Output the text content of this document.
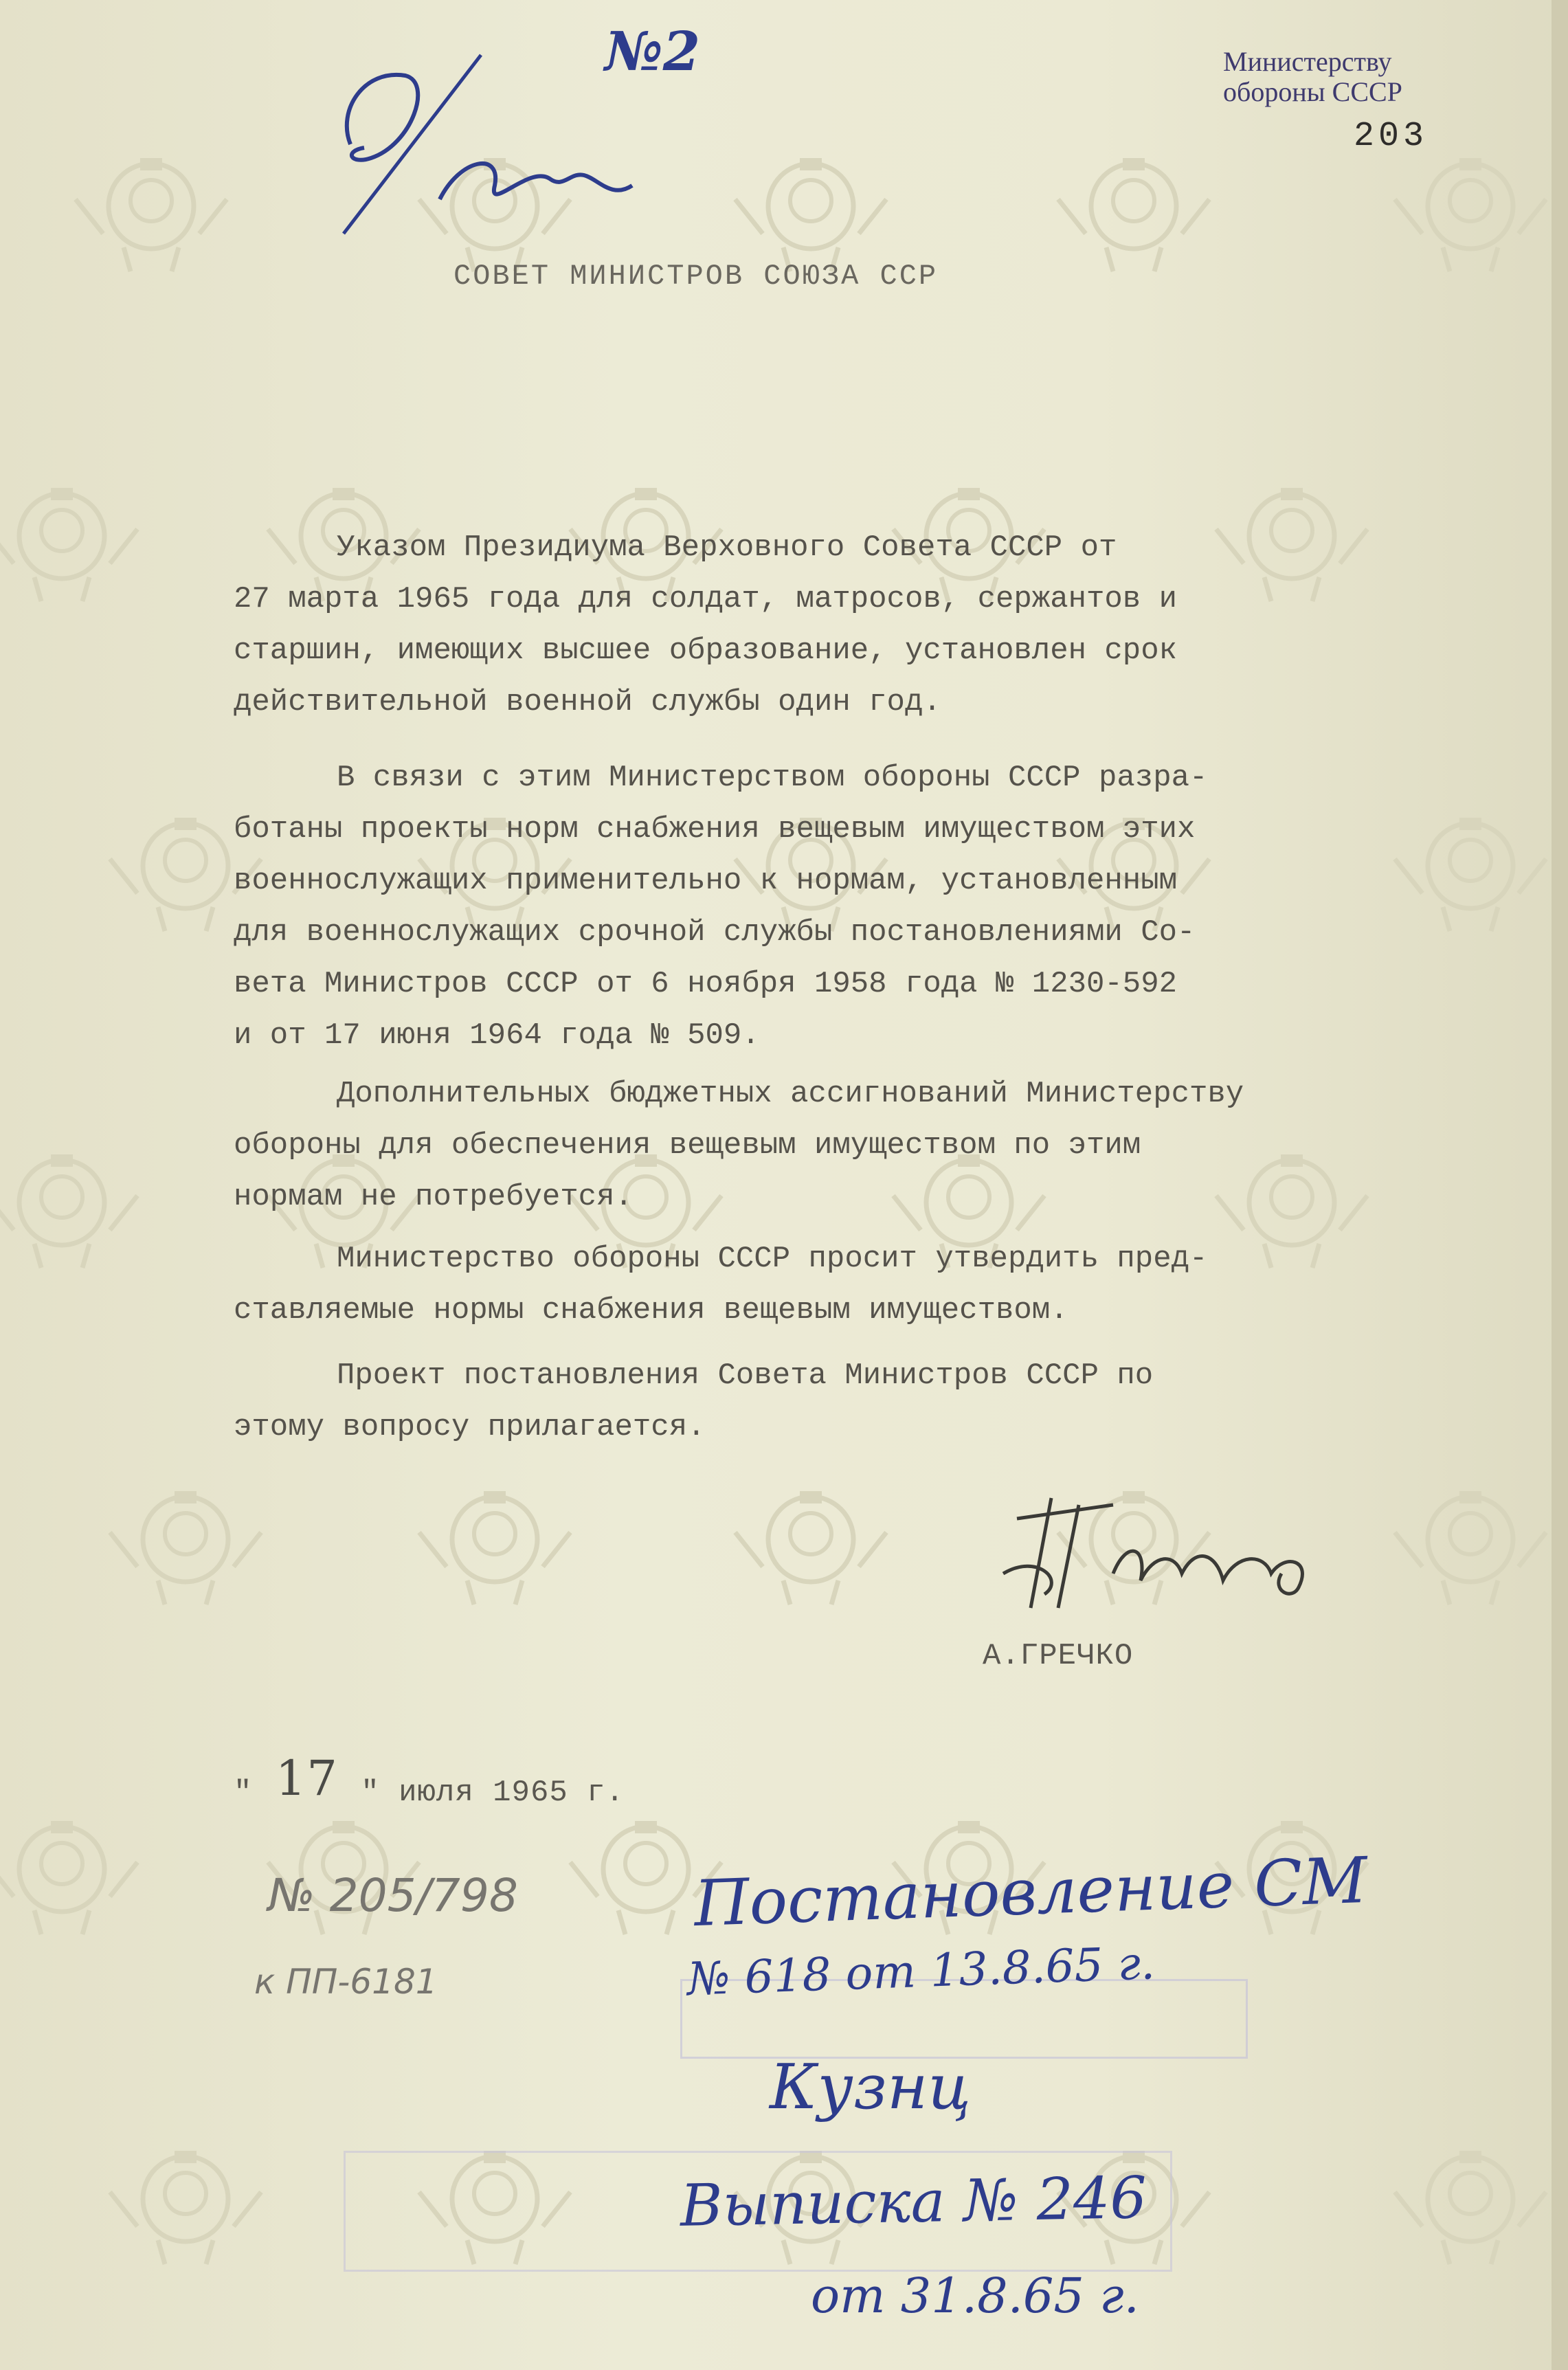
№2	Министерству
обороны СССР
203
СОВЕТ МИНИСТРОВ СОЮЗА ССР
Указом Президиума Верховного Совета СССР от
27 марта 1965 года для солдат, матросов, сержантов и
старшин, имеющих высшее образование, установлен срок
действительной военной службы один год.
В связи с этим Министерством обороны СССР разра-
ботаны проекты норм снабжения вещевым имуществом этих
военнослужащих применительно к нормам, установленным
для военнослужащих срочной службы постановлениями Со-
вета Министров СССР от 6 ноября 1958 года № 1230-592
и от 17 июня 1964 года № 509.
Дополнительных бюджетных ассигнований Министерству
обороны для обеспечения вещевым имуществом по этим
нормам не потребуется.
Министерство обороны СССР просит утвердить пред-
ставляемые нормы снабжения вещевым имуществом.
Проект постановления Совета Министров СССР по
этому вопросу прилагается.
А.ГРЕЧКО
" 17 " июля 1965 г.
№ 205/798
к ПП-6181
Постановление СМ
№ 618 от 13.8.65 г.
Кузнц
Выписка № 246
от 31.8.65 г.
